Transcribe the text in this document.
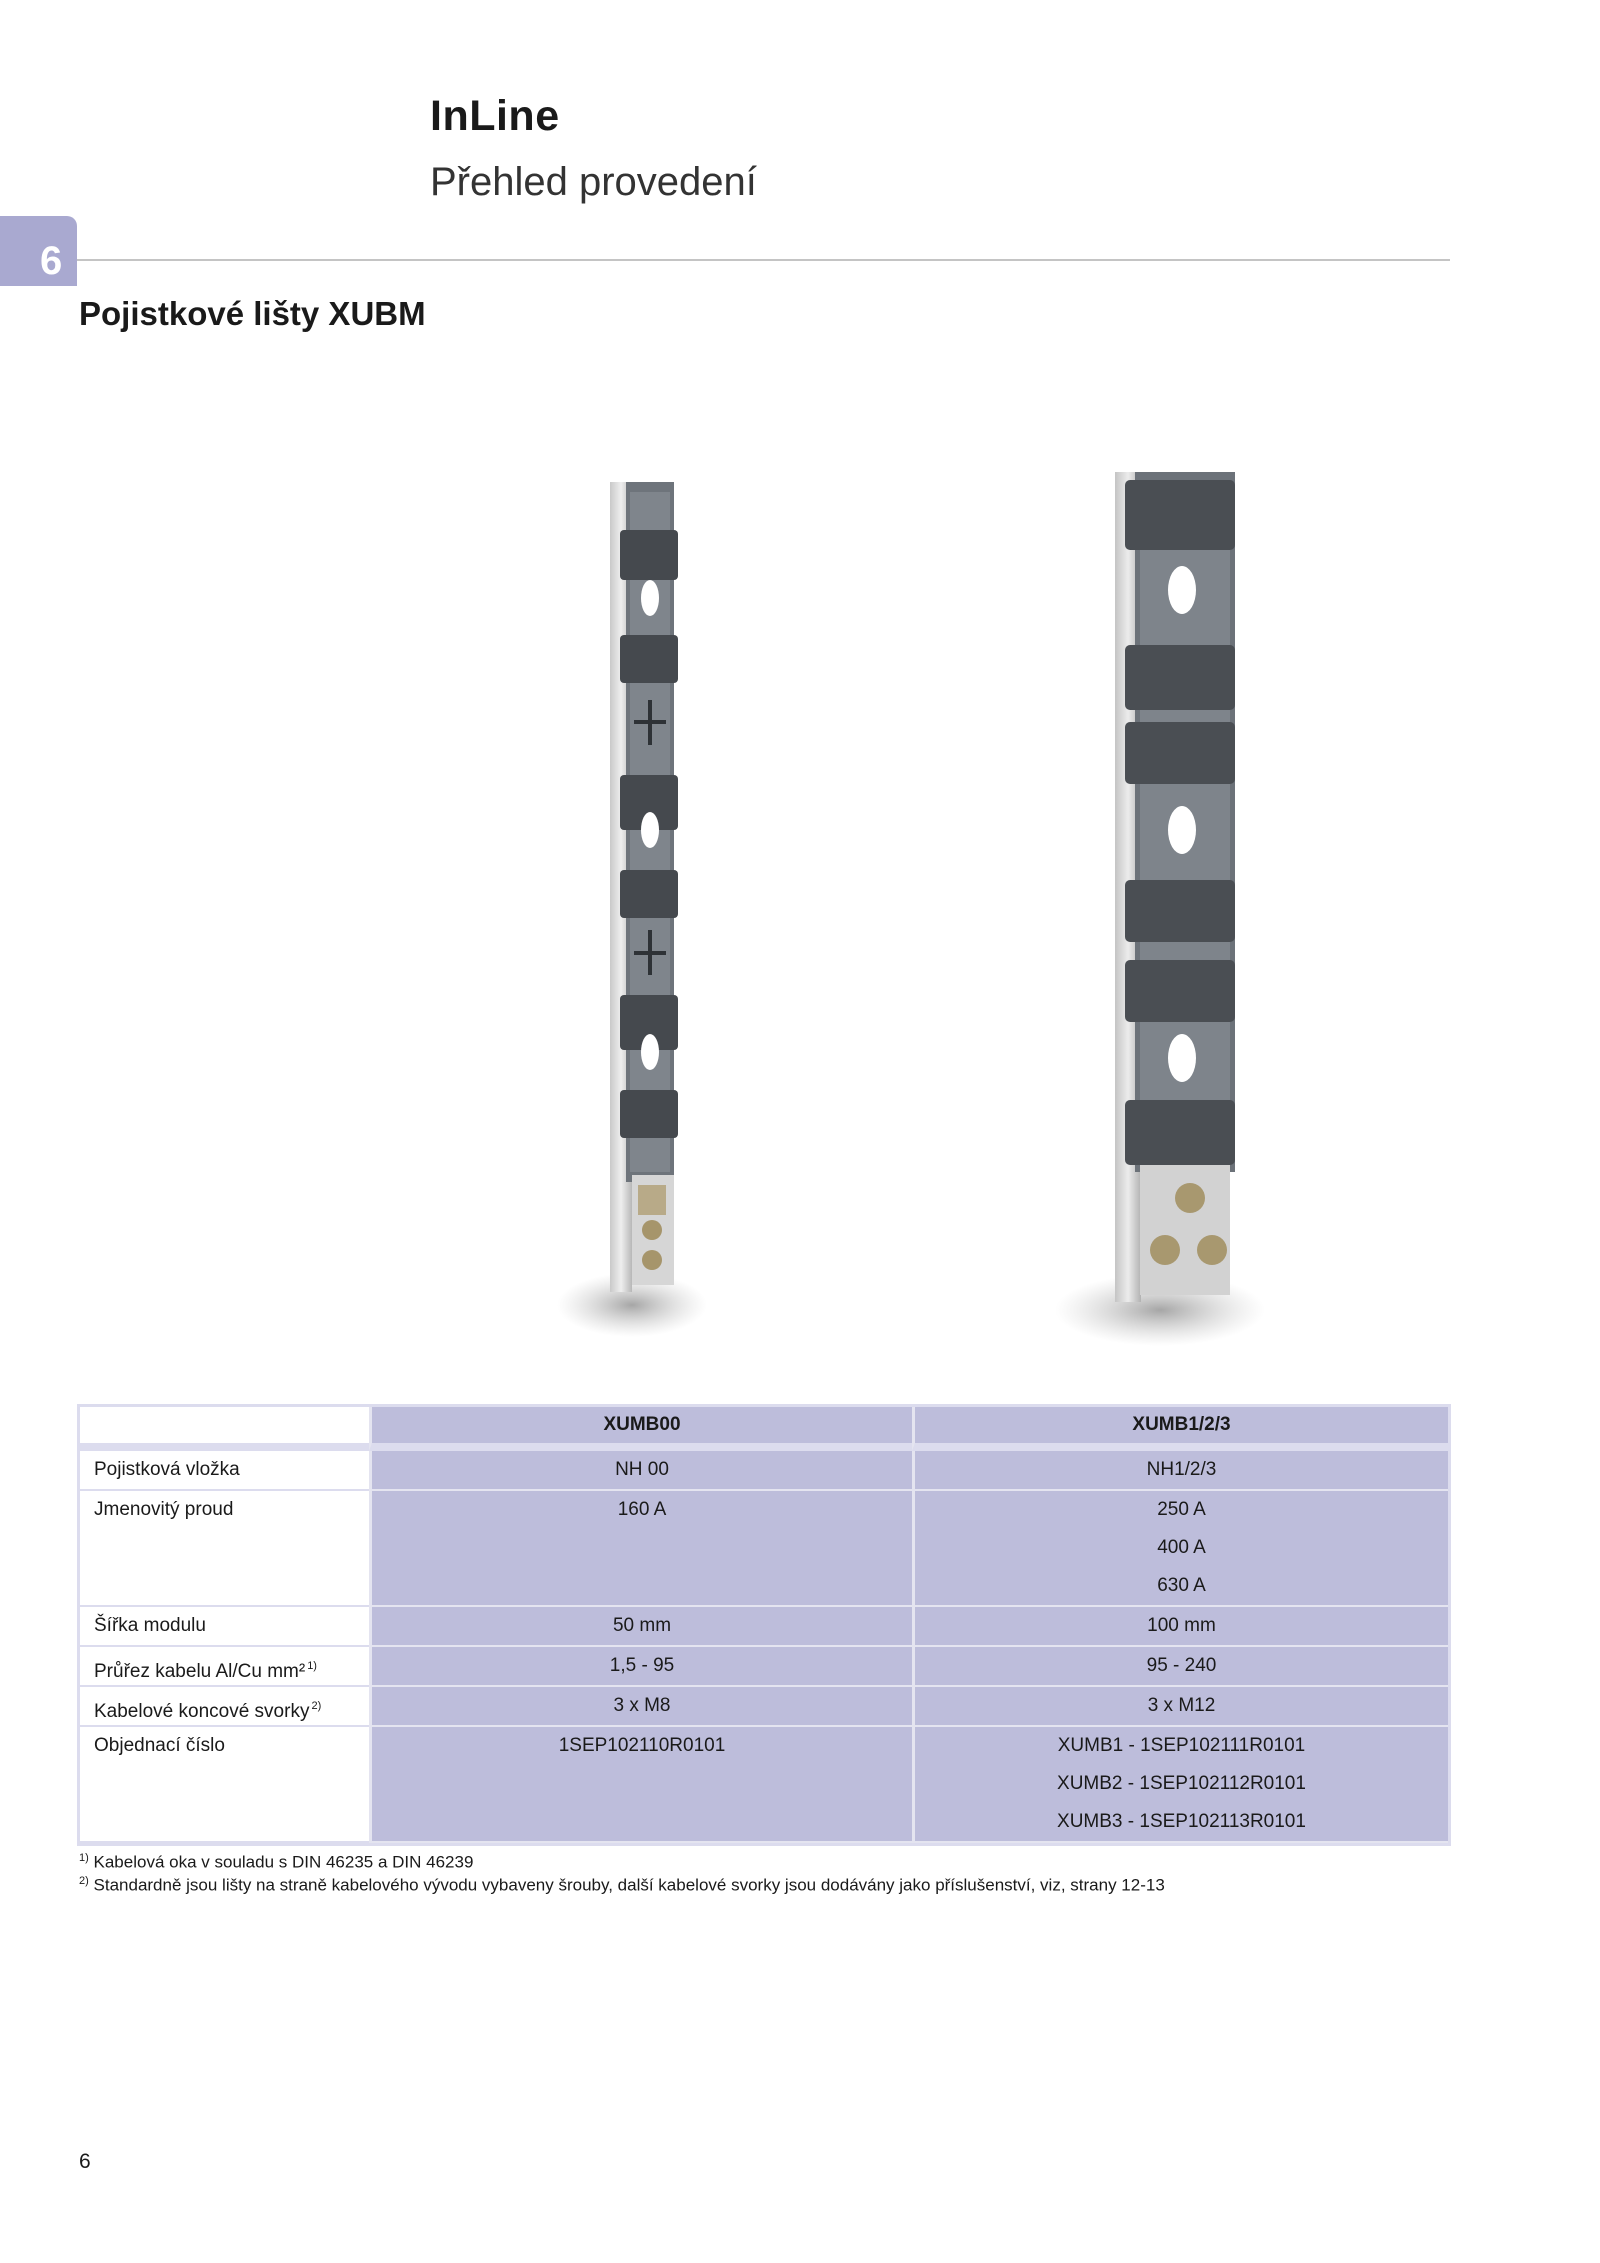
InLine
Přehled provedení
6
Pojistkové lišty XUBM
	XUMB00	XUMB1/2/3

Pojistková vložka	NH 00	NH1/2/3

Jmenovitý proud	160 A	250 A
400 A
630 A

Šířka modulu	50 mm	100 mm

Průřez kabelu Al/Cu mm² $^{1)}$	1,5 - 95	95 - 240

Kabelové koncové svorky $^{2)}$	3 x M8	3 x M12

Objednací číslo	1SEP102110R0101	XUMB1 - 1SEP102111R0101
XUMB2 - 1SEP102112R0101
XUMB3 - 1SEP102113R0101
$^{1)}$ Kabelová oka v souladu s DIN 46235 a DIN 46239
$^{2)}$ Standardně jsou lišty na straně kabelového vývodu vybaveny šrouby, další kabelové svorky jsou dodávány jako příslušenství, viz, strany 12-13
6
